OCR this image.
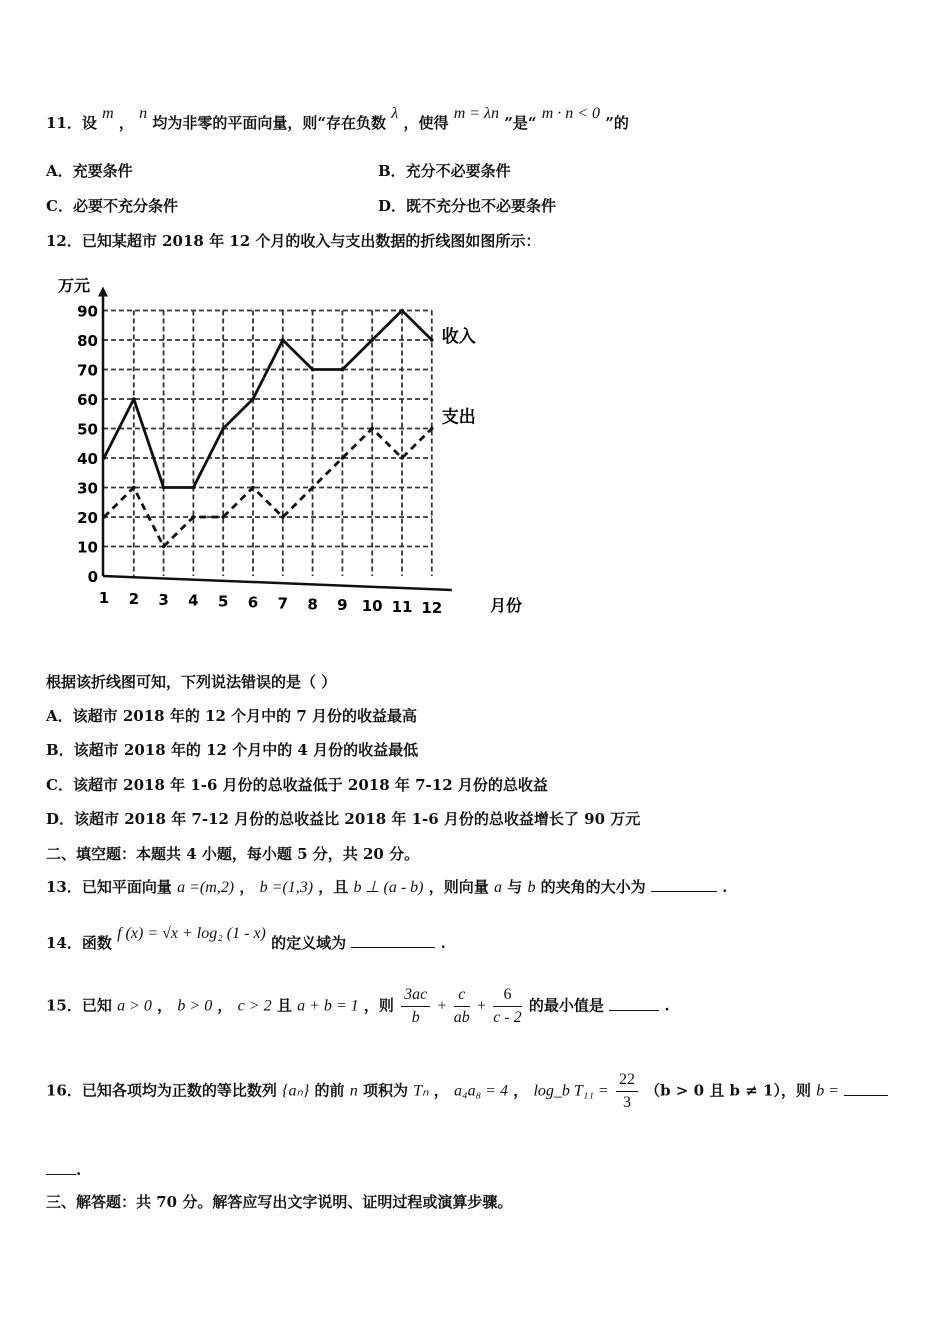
11．设 m ， n 均为非零的平面向量，则“存在负数 λ ，使得 m = λn ”是“ m · n < 0 ”的
A．充要条件	B．充分不必要条件
C．必要不充分条件	D．既不充分也不必要条件
12．已知某超市 2018 年 12 个月的收入与支出数据的折线图如图所示：
0
10
20
30
40
50
60
70
80
90
1 2 3 4 5 6 7 8 9 10 11 12
收入
支出
万元
月份
根据该折线图可知，下列说法错误的是（ ）
A．该超市 2018 年的 12 个月中的 7 月份的收益最高
B．该超市 2018 年的 12 个月中的 4 月份的收益最低
C．该超市 2018 年 1-6 月份的总收益低于 2018 年 7-12 月份的总收益
D．该超市 2018 年 7-12 月份的总收益比 2018 年 1-6 月份的总收益增长了 90 万元
二、填空题：本题共 4 小题，每小题 5 分，共 20 分。
13．已知平面向量 a =(m,2) ， b =(1,3) ，且 b ⊥ (a - b) ，则向量 a 与 b 的夹角的大小为	.
14．函数 f (x) = √x + log₂ (1 - x) 的定义域为	.
15．已知 a > 0 ， b > 0 ， c > 2 且 a + b = 1 ，则 $\frac{3ac}{b} + \frac{c}{ab} + \frac{6}{c - 2}$ 的最小值是	.
16．已知各项均为正数的等比数列 {aₙ} 的前 n 项积为 Tₙ ， a₄a₈ = 4 ， log_b $T_{11} = \frac{22}{3} (b > 0$ 且 b ≠ 1），则 b =
.
三、解答题：共 70 分。解答应写出文字说明、证明过程或演算步骤。
